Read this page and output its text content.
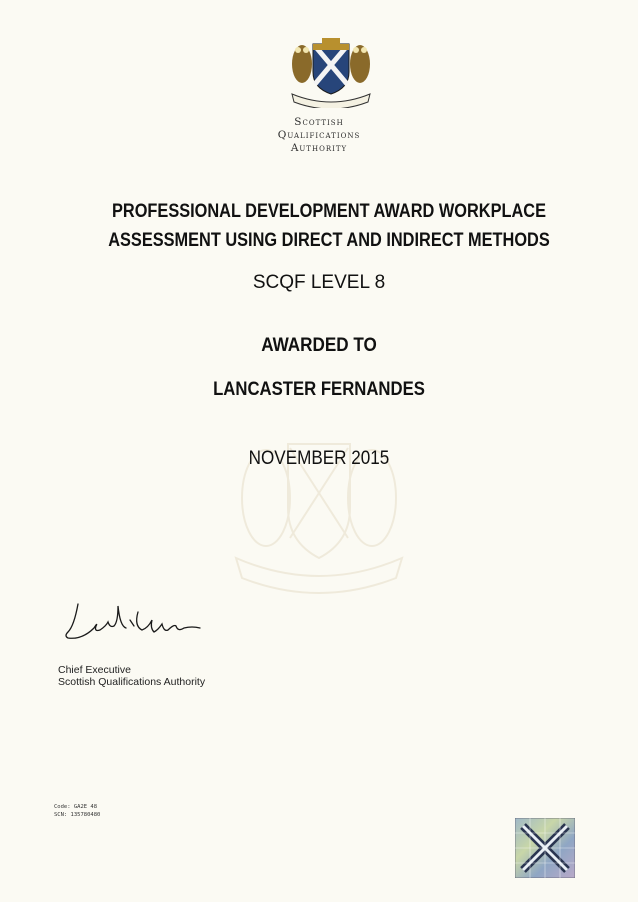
Scottish
Qualifications
Authority
PROFESSIONAL DEVELOPMENT AWARD WORKPLACE
ASSESSMENT USING DIRECT AND INDIRECT METHODS
SCQF LEVEL 8
AWARDED TO
LANCASTER FERNANDES
NOVEMBER 2015
Chief Executive
Scottish Qualifications Authority
Code: GA2E 48
SCN: 135780480
